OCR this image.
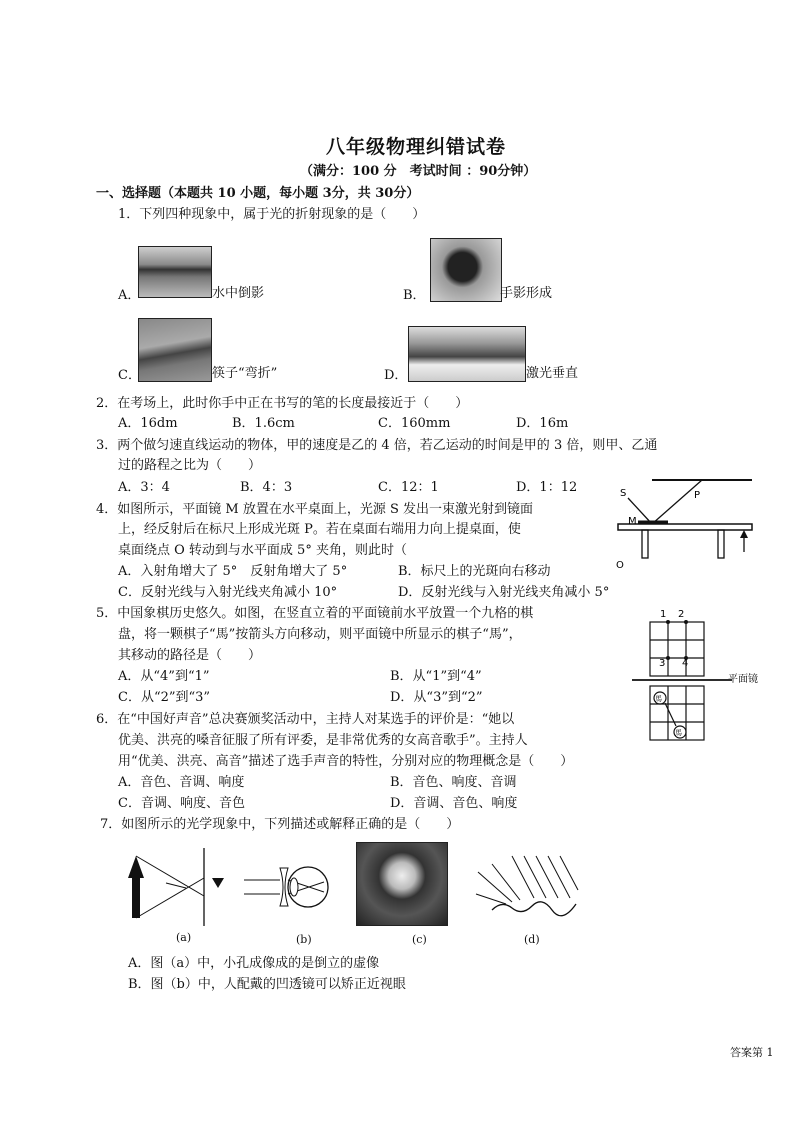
八年级物理纠错试卷
（满分：100 分　考试时间 ：90分钟）
一、选择题（本题共 10 小题，每小题 3分，共 30分）
1．下列四种现象中，属于光的折射现象的是（　　）
A．	水中倒影	B．	手影形成
C．	筷子“弯折”	D．	激光垂直
2．在考场上，此时你手中正在书写的笔的长度最接近于（　　）
A．16dm	B．1.6cm	C．160mm	D．16m
3．两个做匀速直线运动的物体，甲的速度是乙的 4 倍，若乙运动的时间是甲的 3 倍，则甲、乙通
过的路程之比为（　　）
A．3：4	B．4：3	C．12：1	D．1：12
4．如图所示，平面镜 M 放置在水平桌面上，光源 S 发出一束激光射到镜面
上，经反射后在标尺上形成光斑 P。若在桌面右端用力向上提桌面，使
桌面绕点 O 转动到与水平面成 5° 夹角，则此时（
A．入射角增大了 5°　反射角增大了 5°	B．标尺上的光斑向右移动
C．反射光线与入射光线夹角减小 10°	D．反射光线与入射光线夹角减小 5°
S	P
M
O
5．中国象棋历史悠久。如图，在竖直立着的平面镜前水平放置一个九格的棋
盘，将一颗棋子“馬”按箭头方向移动，则平面镜中所显示的棋子“馬”，
其移动的路径是（　　）
A．从“4”到“1”	B．从“1”到“4”
C．从“2”到“3”	D．从“3”到“2”
1 2
3 4
平面镜
馬
馬
6．在“中国好声音”总决赛颁奖活动中，主持人对某选手的评价是：“她以
优美、洪亮的嗓音征服了所有评委，是非常优秀的女高音歌手”。主持人
用“优美、洪亮、高音”描述了选手声音的特性，分别对应的物理概念是（　　）
A．音色、音调、响度	B．音色、响度、音调
C．音调、响度、音色	D．音调、音色、响度
7．如图所示的光学现象中，下列描述或解释正确的是（　　）
(a)	(b)	(c)	(d)
A．图（a）中，小孔成像成的是倒立的虚像
B．图（b）中，人配戴的凹透镜可以矫正近视眼
答案第 1
